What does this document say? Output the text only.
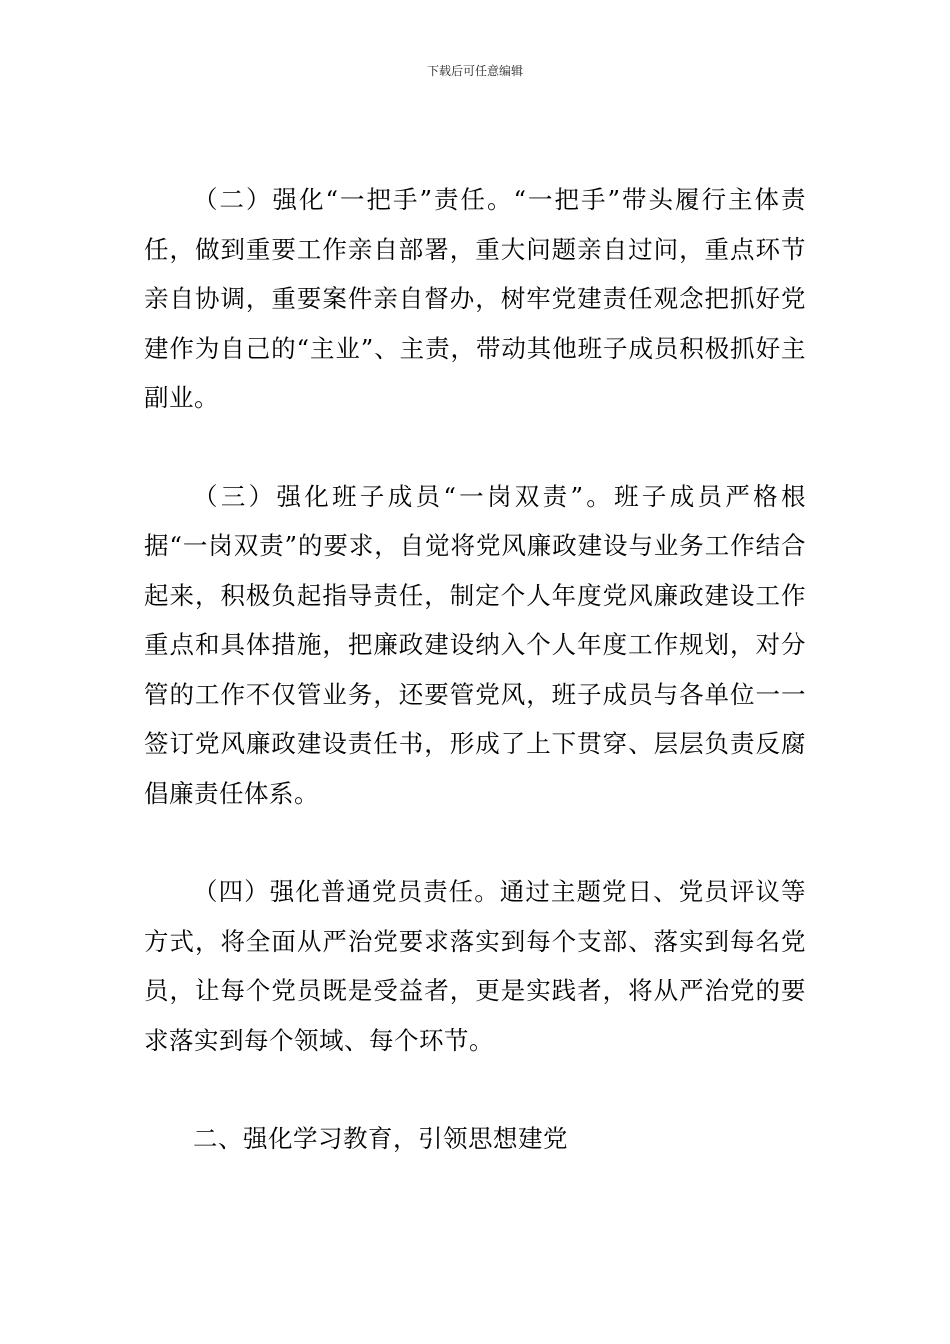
下载后可任意编辑

（二）强化“一把手”责任。“一把手”带头履行主体责任，做到重要工作亲自部署，重大问题亲自过问，重点环节亲自协调，重要案件亲自督办，树牢党建责任观念把抓好党建作为自己的“主业”、主责，带动其他班子成员积极抓好主副业。

（三）强化班子成员“一岗双责”。班子成员严格根据“一岗双责”的要求，自觉将党风廉政建设与业务工作结合起来，积极负起指导责任，制定个人年度党风廉政建设工作重点和具体措施，把廉政建设纳入个人年度工作规划，对分管的工作不仅管业务，还要管党风，班子成员与各单位一一签订党风廉政建设责任书，形成了上下贯穿、层层负责反腐倡廉责任体系。

（四）强化普通党员责任。通过主题党日、党员评议等方式，将全面从严治党要求落实到每个支部、落实到每名党员，让每个党员既是受益者，更是实践者，将从严治党的要求落实到每个领域、每个环节。

二、强化学习教育，引领思想建党
